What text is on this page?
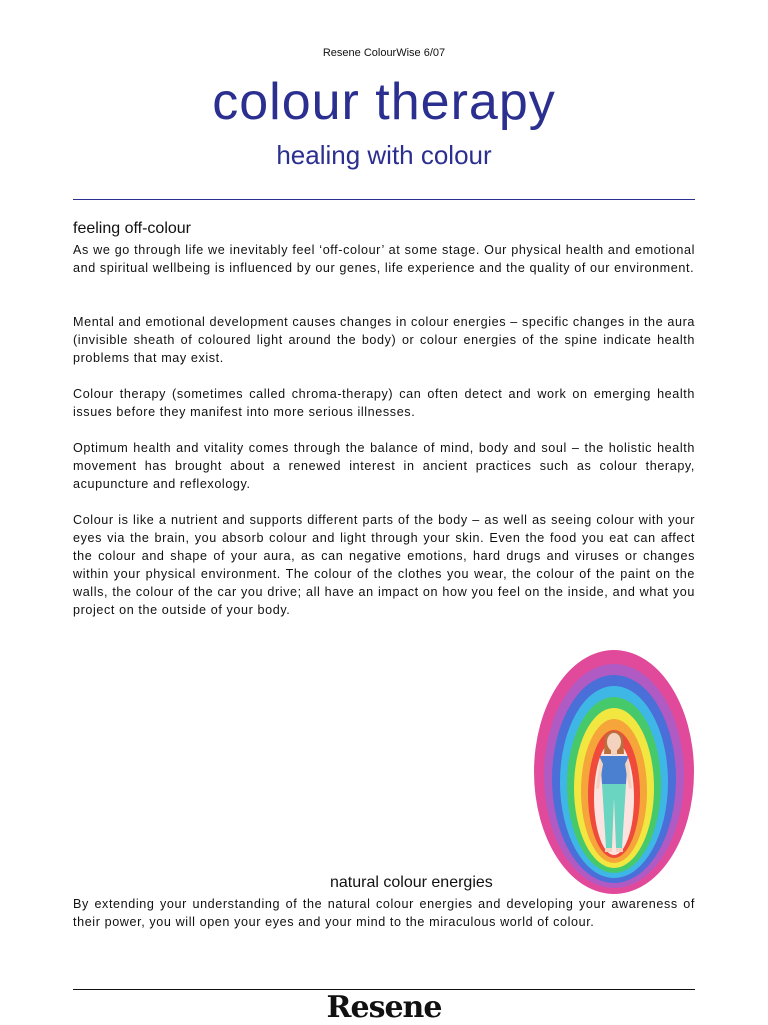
Resene ColourWise 6/07
colour therapy
healing with colour
feeling off-colour

As we go through life we inevitably feel ‘off-colour’ at some stage. Our physical health and emotional and spiritual wellbeing is influenced by our genes, life experience and the quality of our environment.

Mental and emotional development causes changes in colour energies – specific changes in the aura (invisible sheath of coloured light around the body) or colour energies of the spine indicate health problems that may exist.

Colour therapy (sometimes called chroma-therapy) can often detect and work on emerging health issues before they manifest into more serious illnesses.

Optimum health and vitality comes through the balance of mind, body and soul – the holistic health movement has brought about a renewed interest in ancient practices such as colour therapy, acupuncture and reflexology.

Colour is like a nutrient and supports different parts of the body – as well as seeing colour with your eyes via the brain, you absorb colour and light through your skin. Even the food you eat can affect the colour and shape of your aura, as can negative emotions, hard drugs and viruses or changes within your physical environment. The colour of the clothes you wear, the colour of the paint on the walls, the colour of the car you drive; all have an impact on how you feel on the inside, and what you project on the outside of your body.

natural colour energies

By extending your understanding of the natural colour energies and developing your awareness of their power, you will open your eyes and your mind to the miraculous world of colour.

Resene
